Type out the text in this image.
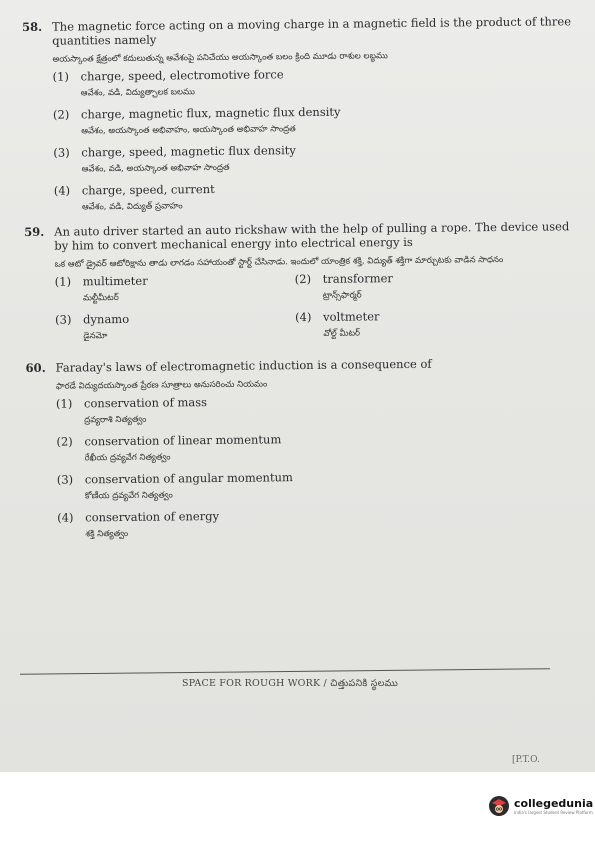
58. The magnetic force acting on a moving charge in a magnetic field is the product of three quantities namely
అయస్కాంత క్షేత్రంలో కదులుతున్న ఆవేశంపై పనిచేయు అయస్కాంత బలం క్రింది మూడు రాశుల లబ్ధము
(1)	charge, speed, electromotive force
ఆవేశం, వడి, విద్యుత్చాలక బలము
(2)	charge, magnetic flux, magnetic flux density
ఆవేశం, అయస్కాంత అభివాహం, అయస్కాంత అభివాహ సాంద్రత
(3)	charge, speed, magnetic flux density
ఆవేశం, వడి, అయస్కాంత అభివాహ సాంద్రత
(4)	charge, speed, current
ఆవేశం, వడి, విద్యుత్ ప్రవాహం
59. An auto driver started an auto rickshaw with the help of pulling a rope. The device used by him to convert mechanical energy into electrical energy is
ఒక ఆటో డ్రైవర్ ఆటోరిక్షాను తాడు లాగడం సహాయంతో స్టార్ట్ చేసినాడు. ఇందులో యాంత్రిక శక్తి, విద్యుత్ శక్తిగా మార్చుటకు వాడిన సాధనం
(1)	multimeter
మల్టీమీటర్
(2)	transformer
ట్రాన్స్‌ఫార్మర్
(3)	dynamo
డైనమో
(4)	voltmeter
వోల్ట్ మీటర్
60. Faraday's laws of electromagnetic induction is a consequence of
ఫారడే విద్యుదయస్కాంత ప్రేరణ సూత్రాలు అనుసరించు నియమం
(1)	conservation of mass
ద్రవ్యరాశి నిత్యత్వం
(2)	conservation of linear momentum
రేఖీయ ద్రవ్యవేగ నిత్యత్వం
(3)	conservation of angular momentum
కోణీయ ద్రవ్యవేగ నిత్యత్వం
(4)	conservation of energy
శక్తి నిత్యత్వం
SPACE FOR ROUGH WORK / చిత్తుపనికి స్థలము
[P.T.O.
collegedunia
India's largest Student Review Platform
